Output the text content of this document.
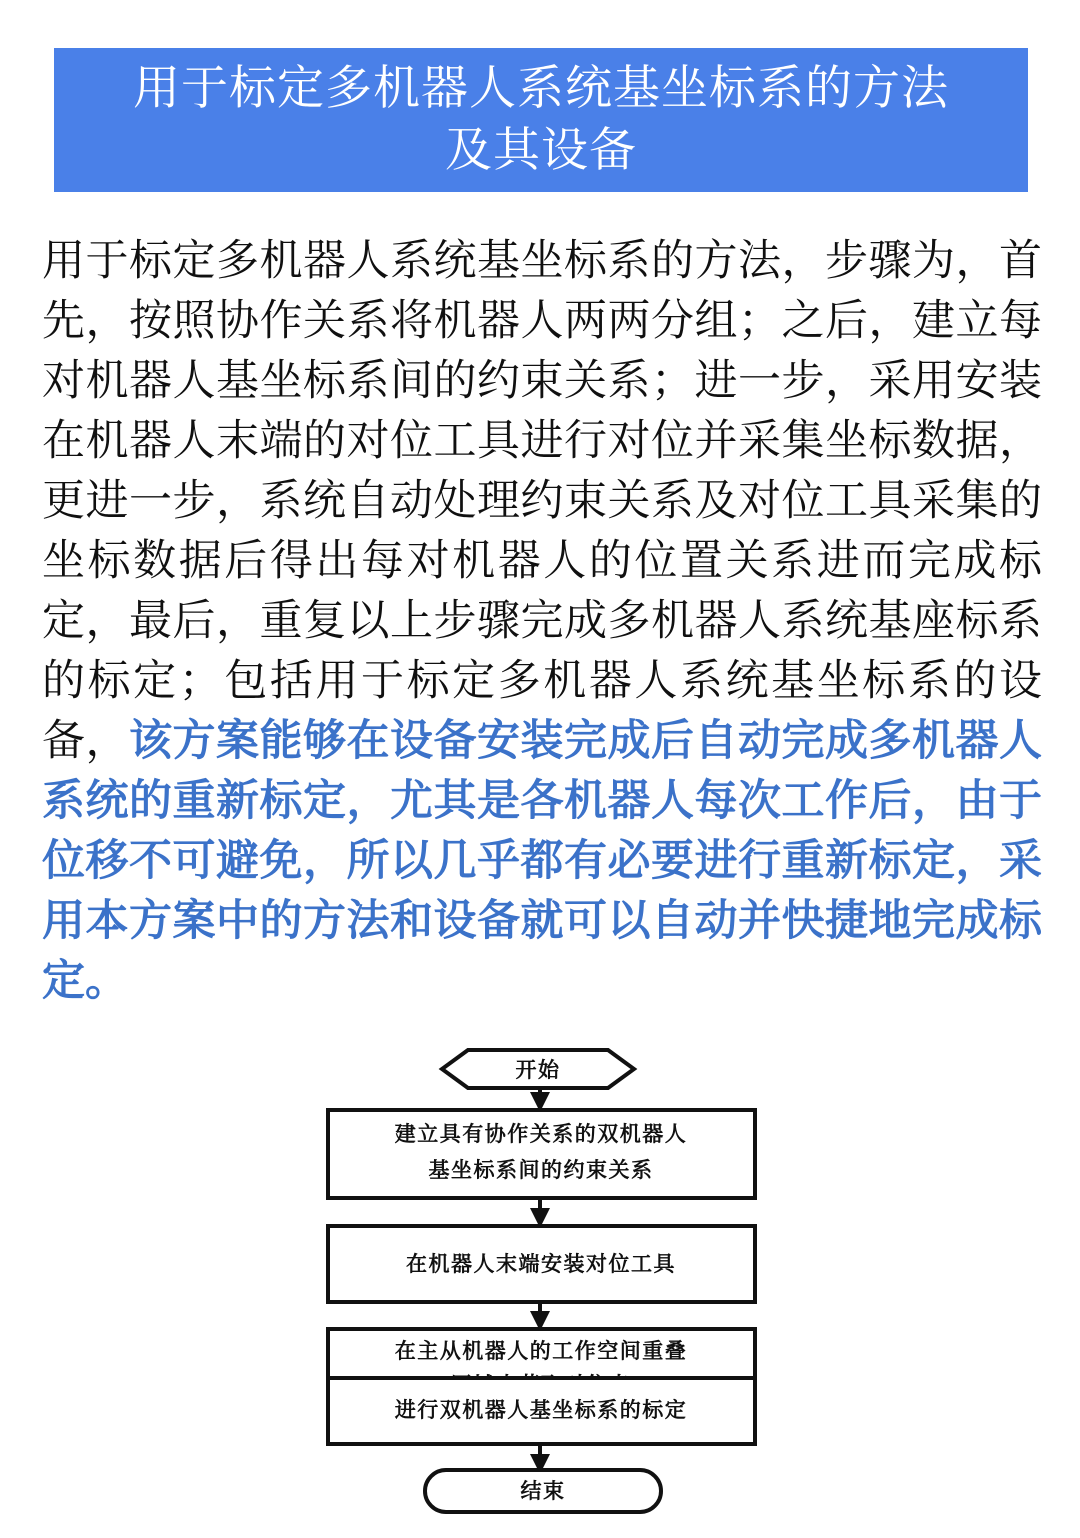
用于标定多机器人系统基坐标系的方法及其设备
用于标定多机器人系统基坐标系的方法，步骤为，首先，按照协作关系将机器人两两分组；之后，建立每对机器人基坐标系间的约束关系；进一步，采用安装在机器人末端的对位工具进行对位并采集坐标数据，更进一步，系统自动处理约束关系及对位工具采集的坐标数据后得出每对机器人的位置关系进而完成标定，最后，重复以上步骤完成多机器人系统基座标系的标定；包括用于标定多机器人系统基坐标系的设备，该方案能够在设备安装完成后自动完成多机器人系统的重新标定，尤其是各机器人每次工作后，由于位移不可避免，所以几乎都有必要进行重新标定，采用本方案中的方法和设备就可以自动并快捷地完成标定。
开始
建立具有协作关系的双机器人
基坐标系间的约束关系
在机器人末端安装对位工具
在主从机器人的工作空间重叠
进行双机器人基坐标系的标定
结束
